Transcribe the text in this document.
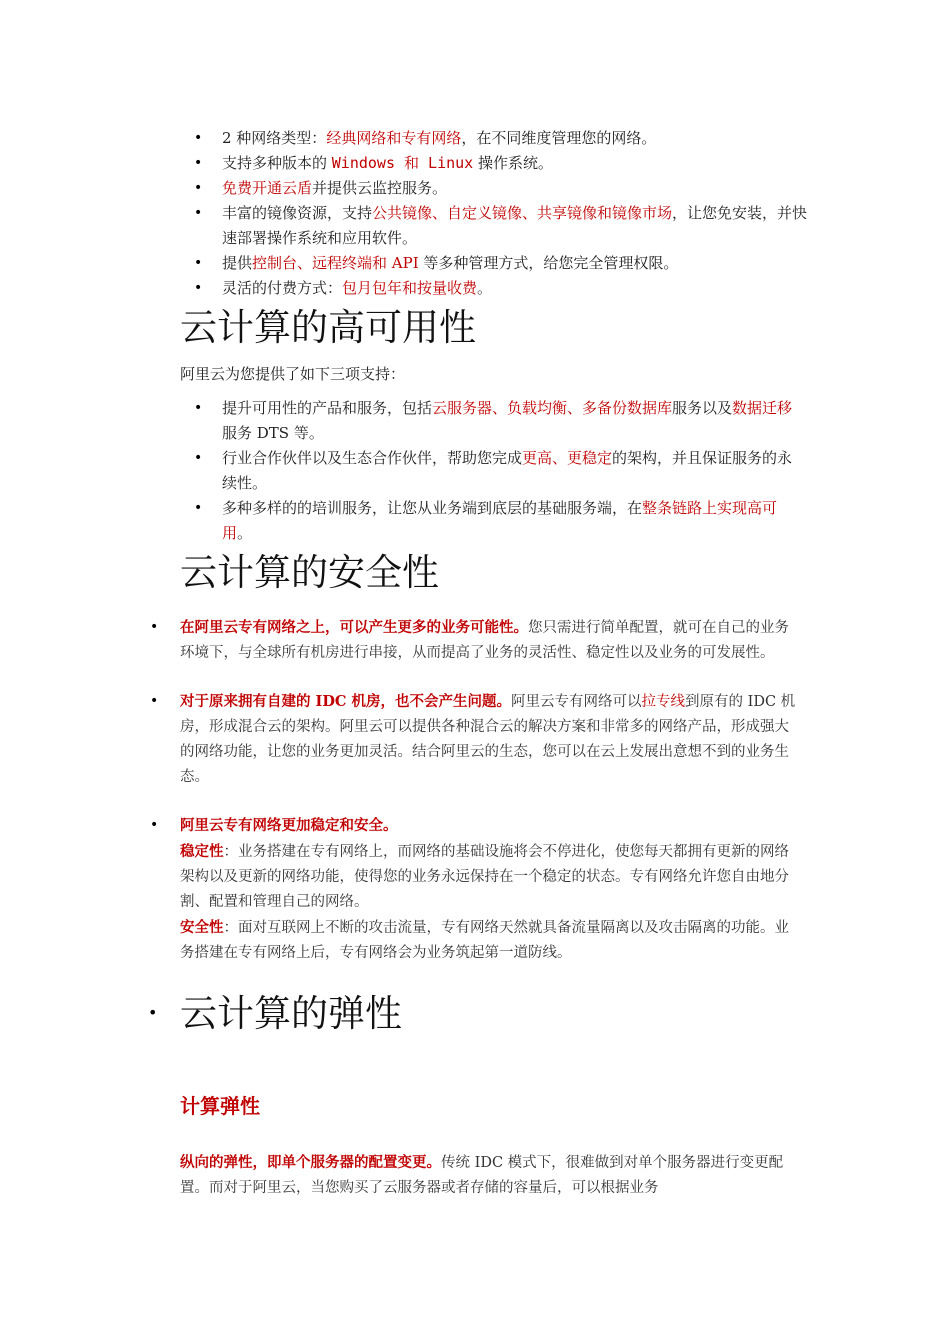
• 2 种网络类型：经典网络和专有网络，在不同维度管理您的网络。
• 支持多种版本的 Windows 和 Linux 操作系统。
• 免费开通云盾并提供云监控服务。
• 丰富的镜像资源，支持公共镜像、自定义镜像、共享镜像和镜像市场，让您免安装，并快速部署操作系统和应用软件。
• 提供控制台、远程终端和 API 等多种管理方式，给您完全管理权限。
• 灵活的付费方式：包月包年和按量收费。
云计算的高可用性
阿里云为您提供了如下三项支持：
• 提升可用性的产品和服务，包括云服务器、负载均衡、多备份数据库服务以及数据迁移服务 DTS 等。
• 行业合作伙伴以及生态合作伙伴，帮助您完成更高、更稳定的架构，并且保证服务的永续性。
• 多种多样的的培训服务，让您从业务端到底层的基础服务端，在整条链路上实现高可用。
云计算的安全性
• 在阿里云专有网络之上，可以产生更多的业务可能性。您只需进行简单配置，就可在自己的业务环境下，与全球所有机房进行串接，从而提高了业务的灵活性、稳定性以及业务的可发展性。

• 对于原来拥有自建的 IDC 机房，也不会产生问题。阿里云专有网络可以拉专线到原有的 IDC 机房，形成混合云的架构。阿里云可以提供各种混合云的解决方案和非常多的网络产品，形成强大的网络功能，让您的业务更加灵活。结合阿里云的生态，您可以在云上发展出意想不到的业务生态。

• 阿里云专有网络更加稳定和安全。

稳定性：业务搭建在专有网络上，而网络的基础设施将会不停进化，使您每天都拥有更新的网络架构以及更新的网络功能，使得您的业务永远保持在一个稳定的状态。专有网络允许您自由地分割、配置和管理自己的网络。

安全性：面对互联网上不断的攻击流量，专有网络天然就具备流量隔离以及攻击隔离的功能。业务搭建在专有网络上后，专有网络会为业务筑起第一道防线。

• 云计算的弹性
计算弹性

纵向的弹性，即单个服务器的配置变更。传统 IDC 模式下，很难做到对单个服务器进行变更配置。而对于阿里云，当您购买了云服务器或者存储的容量后，可以根据业务
